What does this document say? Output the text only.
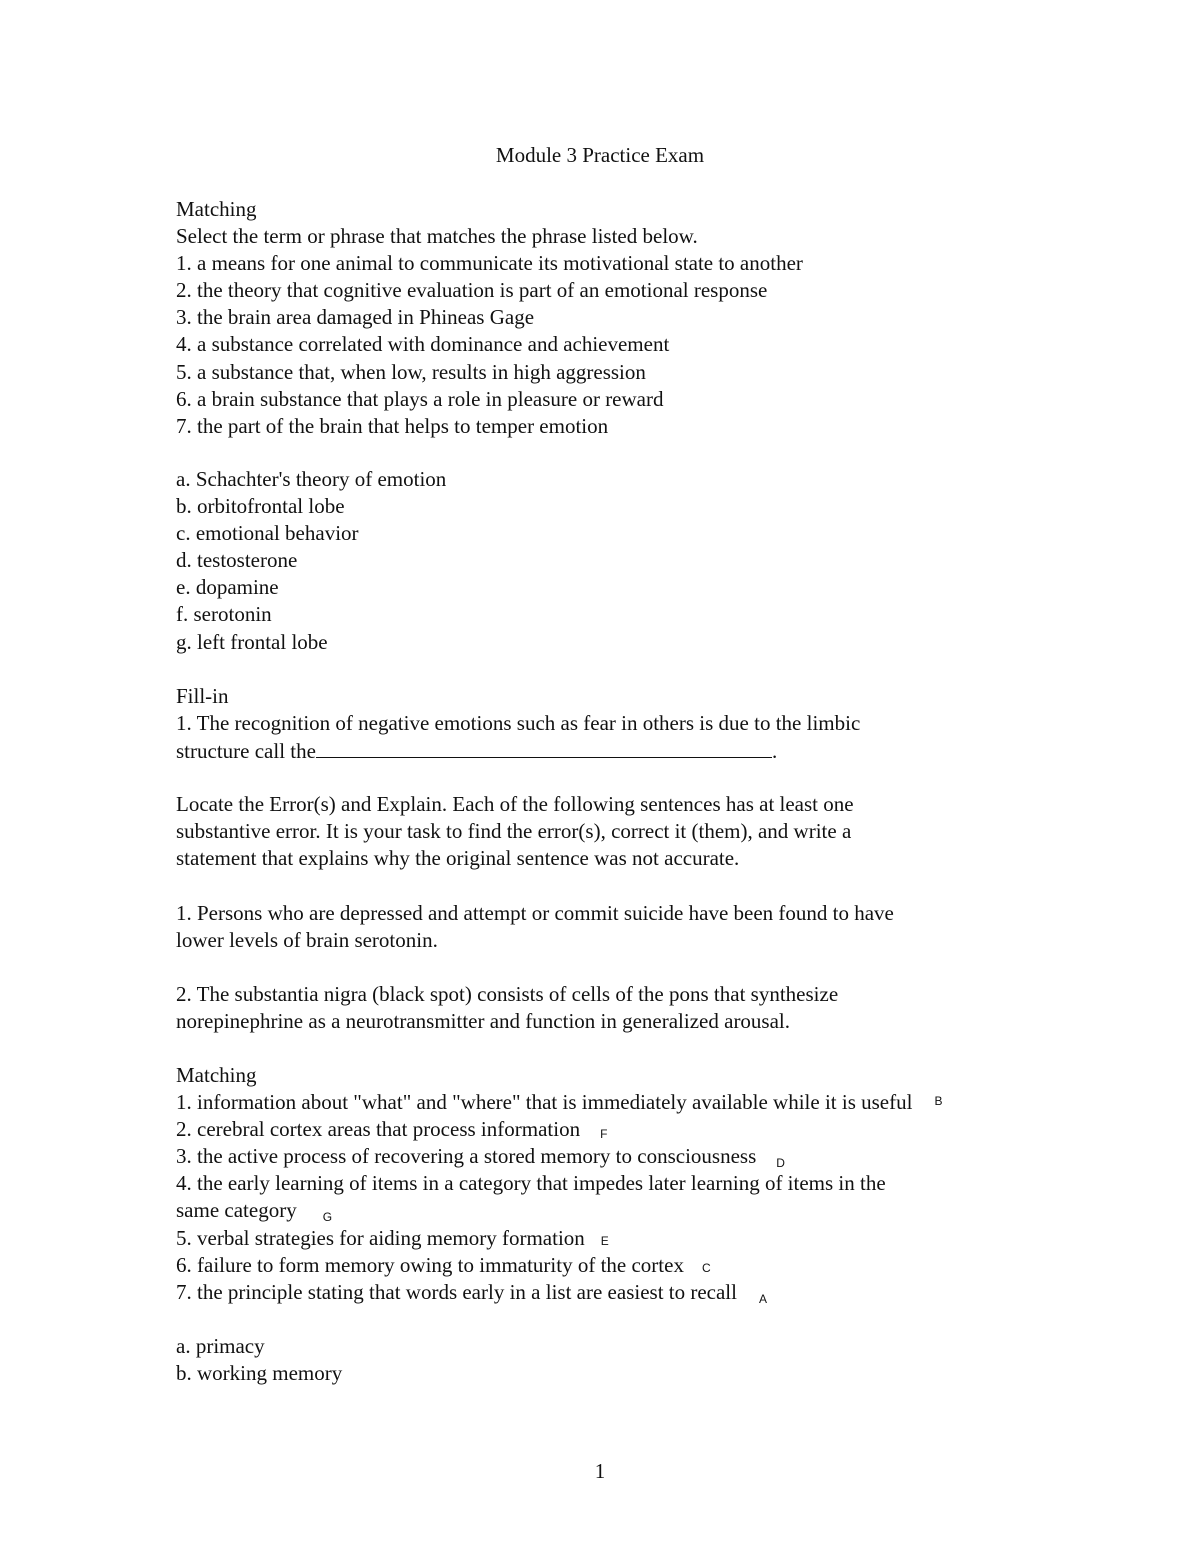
Module 3 Practice Exam
Matching
Select the term or phrase that matches the phrase listed below.
1. a means for one animal to communicate its motivational state to another
2. the theory that cognitive evaluation is part of an emotional response
3. the brain area damaged in Phineas Gage
4. a substance correlated with dominance and achievement
5. a substance that, when low, results in high aggression
6. a brain substance that plays a role in pleasure or reward
7. the part of the brain that helps to temper emotion
a. Schachter's theory of emotion
b. orbitofrontal lobe
c. emotional behavior
d. testosterone
e. dopamine
f. serotonin
g. left frontal lobe
Fill-in
1. The recognition of negative emotions such as fear in others is due to the limbic
structure call the	.
Locate the Error(s) and Explain. Each of the following sentences has at least one
substantive error. It is your task to find the error(s), correct it (them), and write a
statement that explains why the original sentence was not accurate.
1. Persons who are depressed and attempt or commit suicide have been found to have
lower levels of brain serotonin.
2. The substantia nigra (black spot) consists of cells of the pons that synthesize
norepinephrine as a neurotransmitter and function in generalized arousal.
Matching
1. information about "what" and "where" that is immediately available while it is useful B
2. cerebral cortex areas that process information F
3. the active process of recovering a stored memory to consciousness D
4. the early learning of items in a category that impedes later learning of items in the
same category G
5. verbal strategies for aiding memory formation E
6. failure to form memory owing to immaturity of the cortex C
7. the principle stating that words early in a list are easiest to recall A
a. primacy
b. working memory
1
